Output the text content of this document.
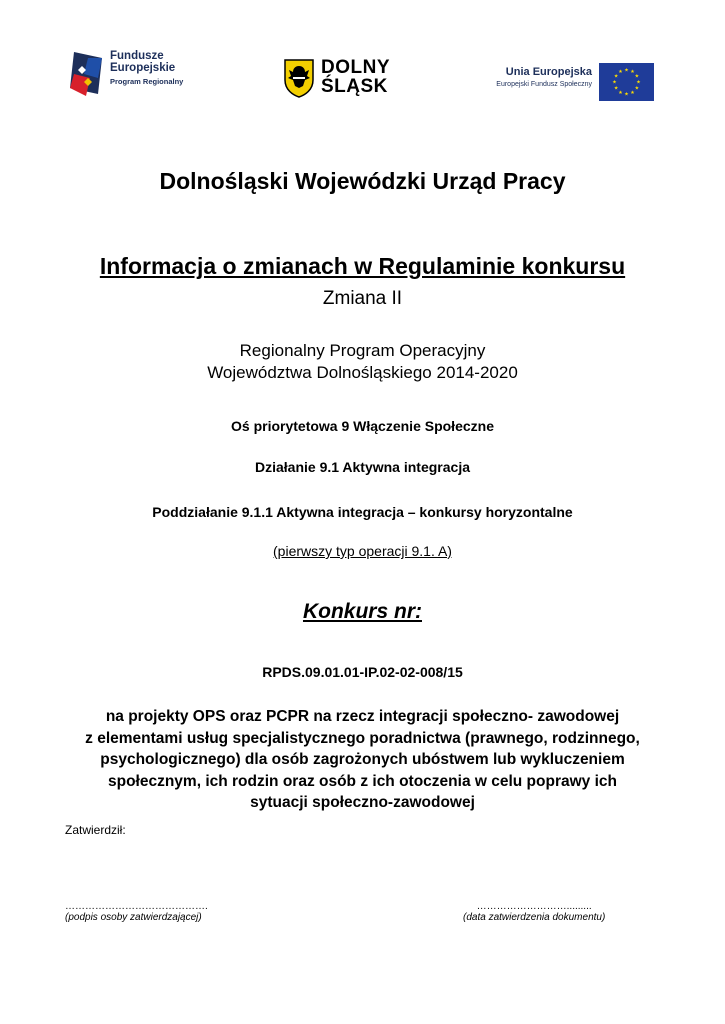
Fundusze
Europejskie
Program Regionalny
DOLNY
ŚLĄSK
Unia Europejska
Europejski Fundusz Społeczny
★ ★
★
★
★
★
★
★
★
★
★
★
Dolnośląski Wojewódzki Urząd Pracy
Informacja o zmianach w Regulaminie konkursu
Zmiana II
Regionalny Program Operacyjny
Województwa Dolnośląskiego 2014-2020
Oś priorytetowa 9 Włączenie Społeczne
Działanie 9.1 Aktywna integracja
Poddziałanie 9.1.1 Aktywna integracja – konkursy horyzontalne
(pierwszy typ operacji 9.1. A)
Konkurs nr:
RPDS.09.01.01-IP.02-02-008/15
na projekty OPS oraz PCPR na rzecz integracji społeczno- zawodowej
z elementami usług specjalistycznego poradnictwa (prawnego, rodzinnego,
psychologicznego) dla osób zagrożonych ubóstwem lub wykluczeniem
społecznym, ich rodzin oraz osób z ich otoczenia w celu poprawy ich
sytuacji społeczno-zawodowej
Zatwierdził:
…………………………………….
(podpis osoby zatwierdzającej)
……………………….........
(data zatwierdzenia dokumentu)
